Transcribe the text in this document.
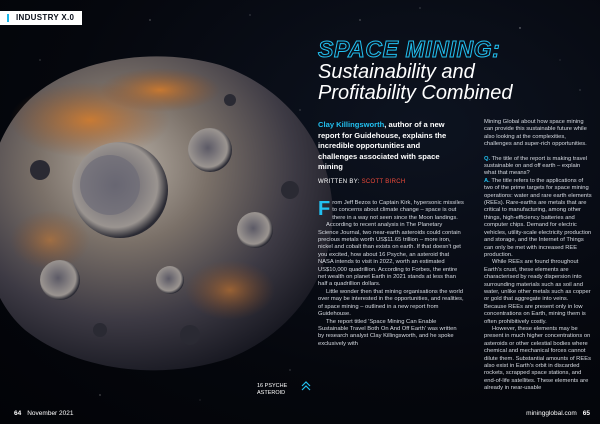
INDUSTRY X.0
SPACE MINING:
Sustainability and
Profitability Combined
Clay Killingsworth, author of a new report for Guidehouse, explains the incredible opportunities and challenges associated with space mining
WRITTEN BY: SCOTT BIRCH

From Jeff Bezos to Captain Kirk, hypersonic missiles to concerns about climate change – space is out there in a way not seen since the Moon landings.

According to recent analysis in The Planetary Science Journal, two near-earth asteroids could contain precious metals worth US$11.65 trillion – more iron, nickel and cobalt than exists on earth. If that doesn't get you excited, how about 16 Psyche, an asteroid that NASA intends to visit in 2022, worth an estimated US$10,000 quadrillion. According to Forbes, the entire net wealth on planet Earth in 2021 stands at less than half a quadrillion dollars.

Little wonder then that mining organisations the world over may be interested in the opportunities, and realities, of space mining – outlined in a new report from Guidehouse.

The report titled 'Space Mining Can Enable Sustainable Travel Both On And Off Earth' was written by research analyst Clay Killingsworth, and he spoke exclusively with

Mining Global about how space mining can provide this sustainable future while also looking at the complexities, challenges and super-rich opportunities.

Q. The title of the report is making travel sustainable on and off earth – explain what that means?

A. The title refers to the applications of two of the prime targets for space mining operations: water and rare earth elements (REEs). Rare-earths are metals that are critical to manufacturing, among other things, high-efficiency batteries and computer chips. Demand for electric vehicles, utility-scale electricity production and storage, and the Internet of Things can only be met with increased REE production.

While REEs are found throughout Earth's crust, these elements are characterised by ready dispersion into surrounding materials such as soil and water, unlike other metals such as copper or gold that aggregate into veins. Because REEs are present only in low concentrations on Earth, mining them is often prohibitively costly.

However, these elements may be present in much higher concentrations on asteroids or other celestial bodies where chemical and mechanical forces cannot dilute them. Substantial amounts of REEs also exist in Earth's orbit in discarded rockets, scrapped space stations, and end-of-life satellites. These elements are already in near-usable

16 PSYCHE
ASTEROID
64 November 2021	miningglobal.com 65
